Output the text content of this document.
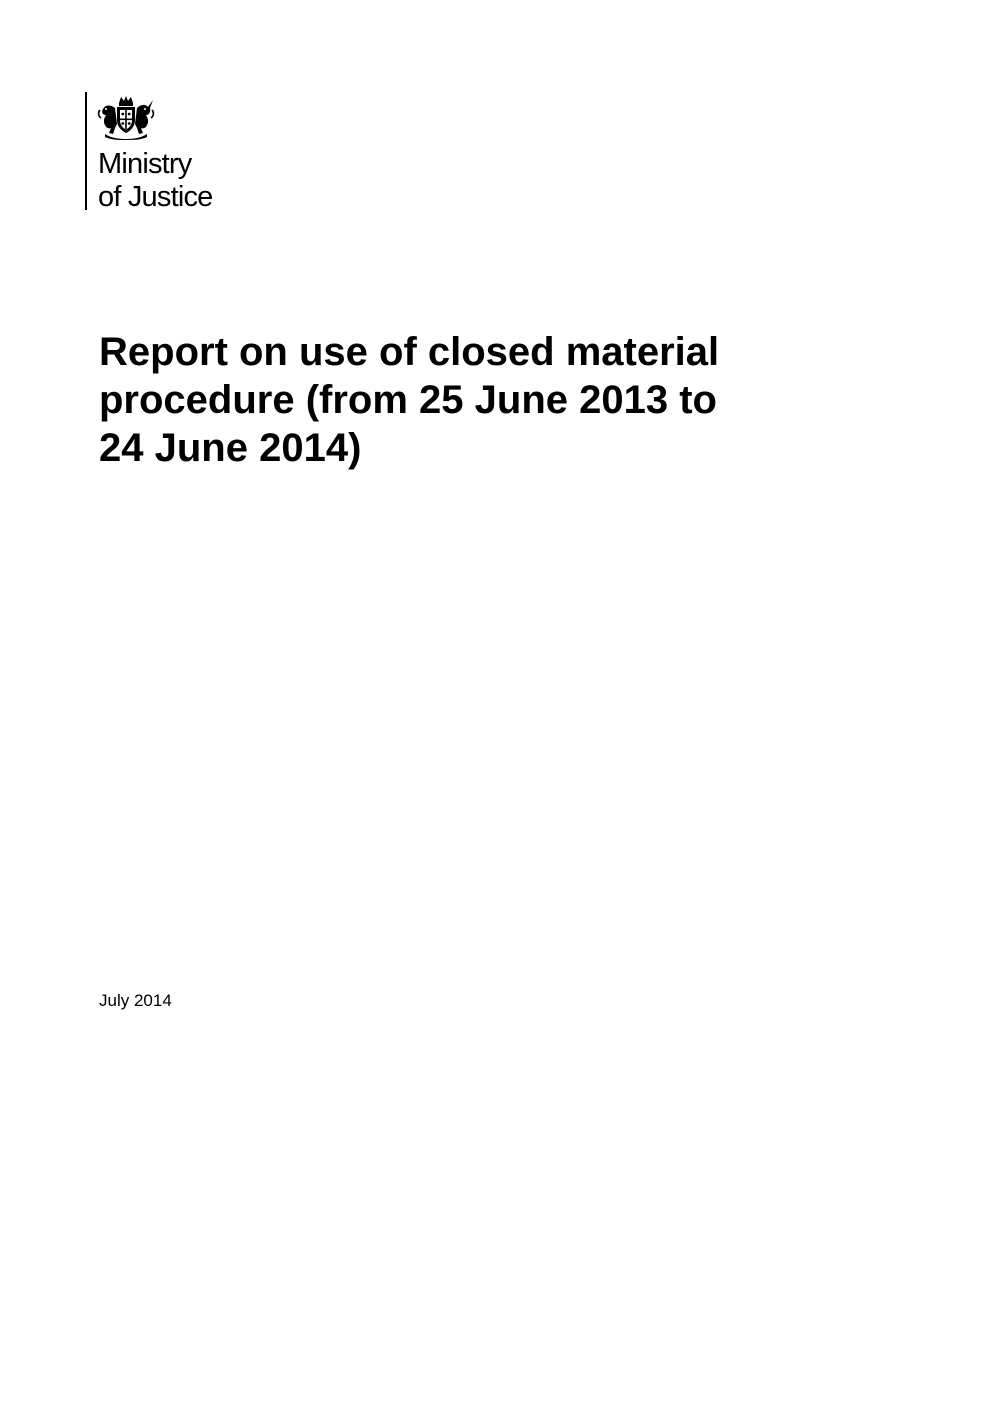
Ministry
of Justice
Report on use of closed material
procedure (from 25 June 2013 to
24 June 2014)
July 2014
